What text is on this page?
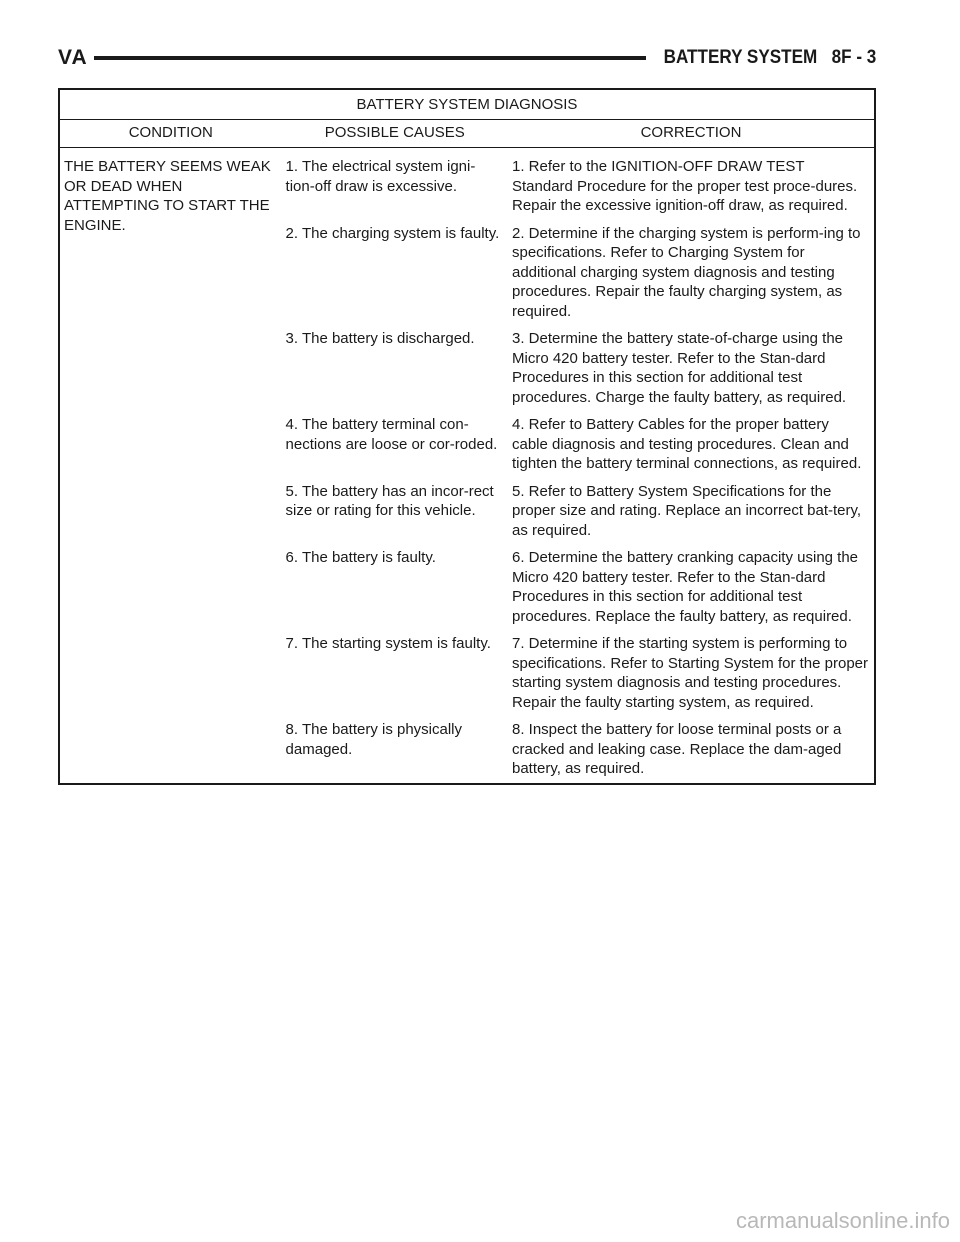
VA	BATTERY SYSTEM 8F - 3
BATTERY SYSTEM DIAGNOSIS		
CONDITION	POSSIBLE CAUSES	CORRECTION
THE BATTERY SEEMS WEAK OR DEAD WHEN ATTEMPTING TO START THE ENGINE.	1. The electrical system igni-tion-off draw is excessive.	1. Refer to the IGNITION-OFF DRAW TEST Standard Procedure for the proper test proce-dures. Repair the excessive ignition-off draw, as required.
	2. The charging system is faulty.	2. Determine if the charging system is perform-ing to specifications. Refer to Charging System for additional charging system diagnosis and testing procedures. Repair the faulty charging system, as required.
	3. The battery is discharged.	3. Determine the battery state-of-charge using the Micro 420 battery tester. Refer to the Stan-dard Procedures in this section for additional test procedures. Charge the faulty battery, as required.
	4. The battery terminal con-nections are loose or cor-roded.	4. Refer to Battery Cables for the proper battery cable diagnosis and testing procedures. Clean and tighten the battery terminal connections, as required.
	5. The battery has an incor-rect size or rating for this vehicle.	5. Refer to Battery System Specifications for the proper size and rating. Replace an incorrect bat-tery, as required.
	6. The battery is faulty.	6. Determine the battery cranking capacity using the Micro 420 battery tester. Refer to the Stan-dard Procedures in this section for additional test procedures. Replace the faulty battery, as required.
	7. The starting system is faulty.	7. Determine if the starting system is performing to specifications. Refer to Starting System for the proper starting system diagnosis and testing procedures. Repair the faulty starting system, as required.
	8. The battery is physically damaged.	8. Inspect the battery for loose terminal posts or a cracked and leaking case. Replace the dam-aged battery, as required.
carmanualsonline.info
